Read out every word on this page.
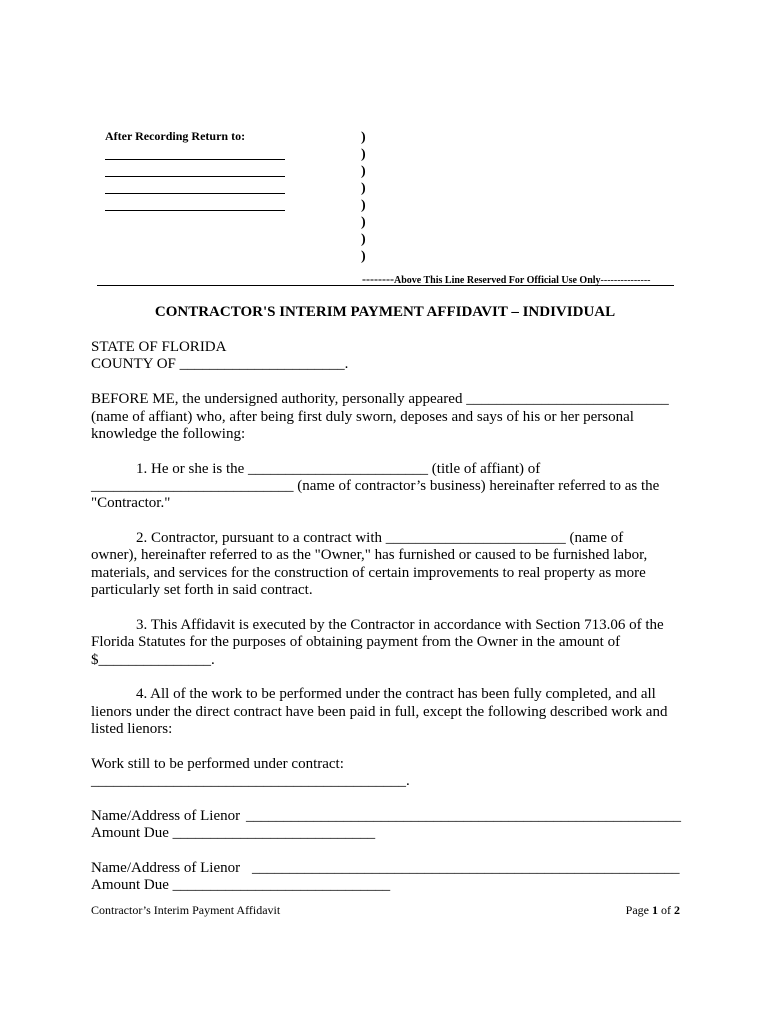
After Recording Return to:	)
)
)
)
)
)
)
)
--------Above This Line Reserved For Official Use Only---------------
CONTRACTOR'S INTERIM PAYMENT AFFIDAVIT – INDIVIDUAL
STATE OF FLORIDA
COUNTY OF ______________________.
BEFORE ME, the undersigned authority, personally appeared ___________________________
(name of affiant) who, after being first duly sworn, deposes and says of his or her personal
knowledge the following:
1. He or she is the ________________________ (title of affiant) of
___________________________ (name of contractor’s business) hereinafter referred to as the
"Contractor."
2. Contractor, pursuant to a contract with ________________________ (name of
owner), hereinafter referred to as the "Owner," has furnished or caused to be furnished labor,
materials, and services for the construction of certain improvements to real property as more
particularly set forth in said contract.
3. This Affidavit is executed by the Contractor in accordance with Section 713.06 of the
Florida Statutes for the purposes of obtaining payment from the Owner in the amount of
$_______________.
4. All of the work to be performed under the contract has been fully completed, and all
lienors under the direct contract have been paid in full, except the following described work and
listed lienors:
Work still to be performed under contract:
__________________________________________.
Name/Address of Lienor __________________________________________________________
Amount Due ___________________________
Name/Address of Lienor _________________________________________________________
Amount Due _____________________________
Contractor’s Interim Payment Affidavit	Page 1 of 2
